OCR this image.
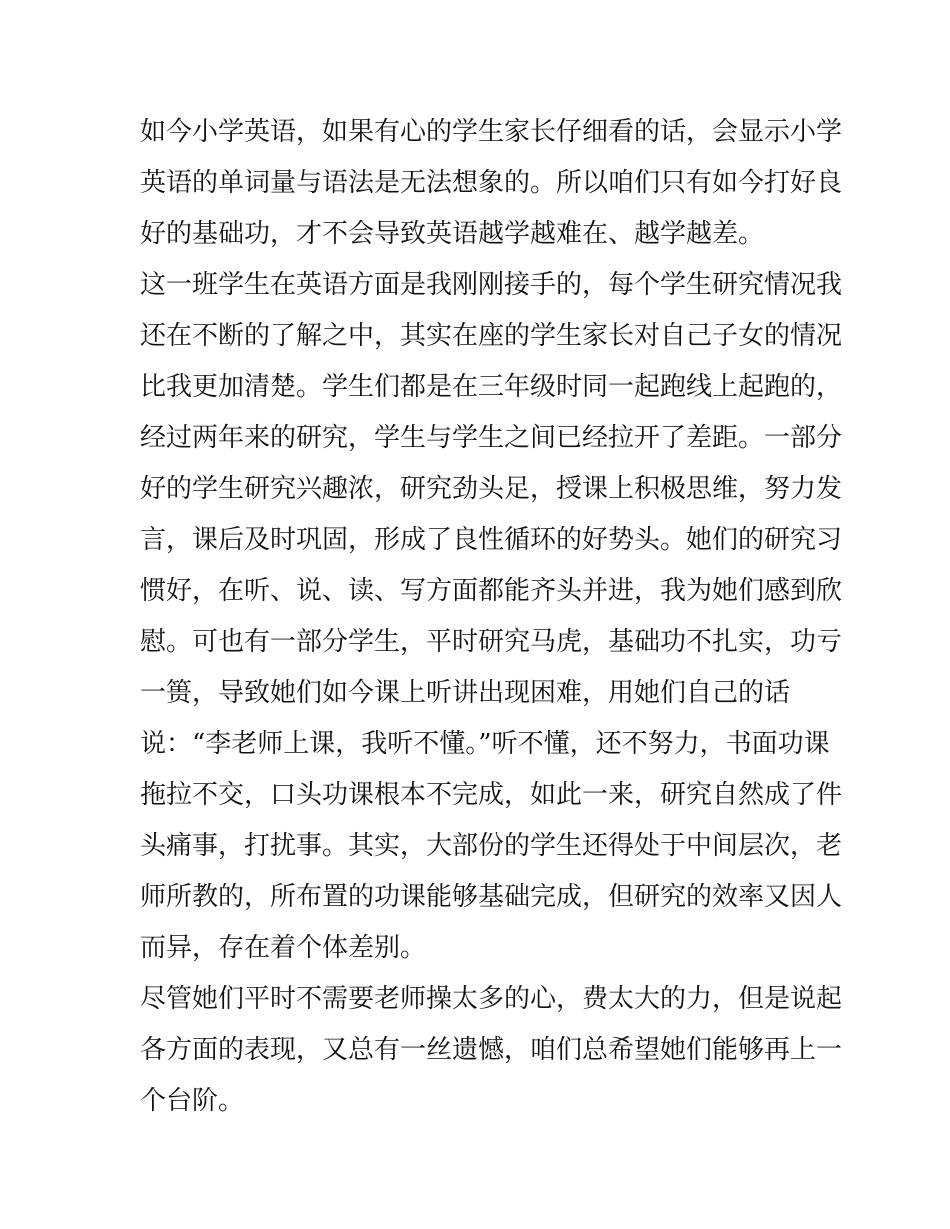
如今小学英语，如果有心的学生家长仔细看的话，会显示小学
英语的单词量与语法是无法想象的。所以咱们只有如今打好良
好的基础功，才不会导致英语越学越难在、越学越差。
这一班学生在英语方面是我刚刚接手的，每个学生研究情况我
还在不断的了解之中，其实在座的学生家长对自己子女的情况
比我更加清楚。学生们都是在三年级时同一起跑线上起跑的，
经过两年来的研究，学生与学生之间已经拉开了差距。一部分
好的学生研究兴趣浓，研究劲头足，授课上积极思维，努力发
言，课后及时巩固，形成了良性循环的好势头。她们的研究习
惯好，在听、说、读、写方面都能齐头并进，我为她们感到欣
慰。可也有一部分学生，平时研究马虎，基础功不扎实，功亏
一篑，导致她们如今课上听讲出现困难，用她们自己的话
说：“李老师上课，我听不懂。”听不懂，还不努力，书面功课
拖拉不交，口头功课根本不完成，如此一来，研究自然成了件
头痛事，打扰事。其实，大部份的学生还得处于中间层次，老
师所教的，所布置的功课能够基础完成，但研究的效率又因人
而异，存在着个体差别。
尽管她们平时不需要老师操太多的心，费太大的力，但是说起
各方面的表现，又总有一丝遗憾，咱们总希望她们能够再上一
个台阶。
